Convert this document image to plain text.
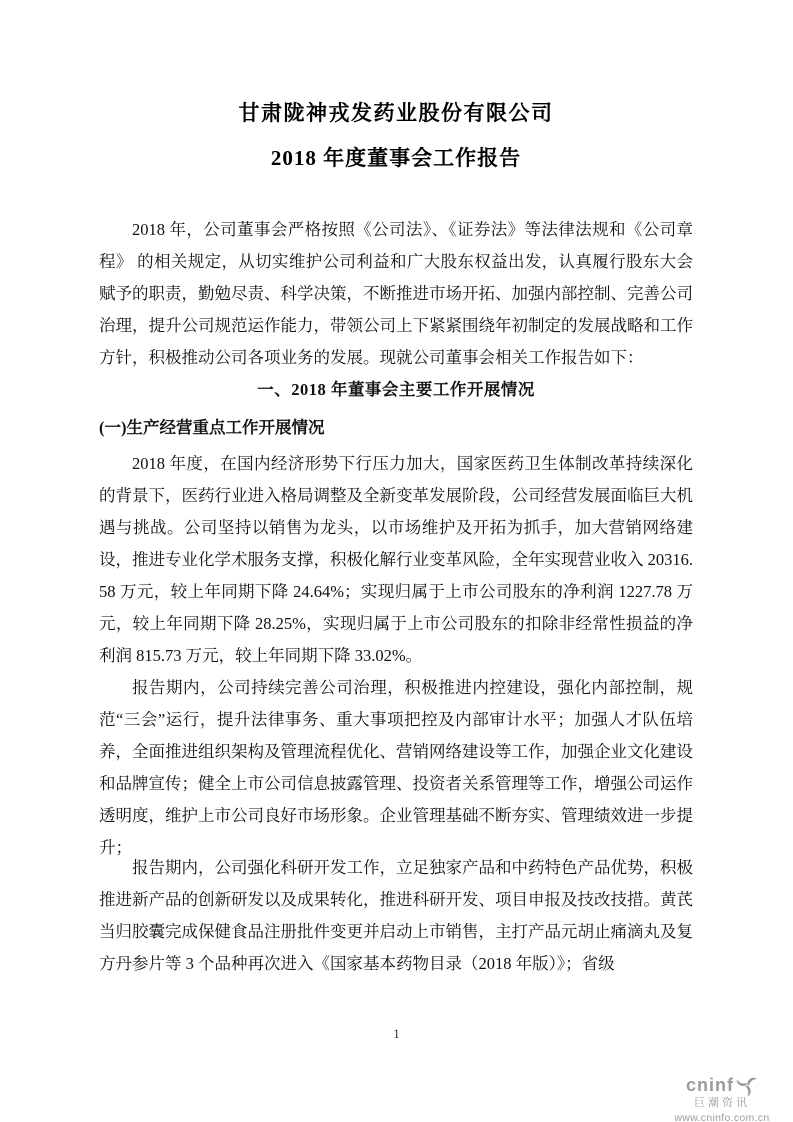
甘肃陇神戎发药业股份有限公司
2018 年度董事会工作报告

2018 年，公司董事会严格按照《公司法》、《证券法》等法律法规和《公司章程》 的相关规定，从切实维护公司利益和广大股东权益出发，认真履行股东大会赋予的职责，勤勉尽责、科学决策，不断推进市场开拓、加强内部控制、完善公司治理，提升公司规范运作能力，带领公司上下紧紧围绕年初制定的发展战略和工作方针，积极推动公司各项业务的发展。现就公司董事会相关工作报告如下：

一、2018 年董事会主要工作开展情况
(一)生产经营重点工作开展情况

2018 年度，在国内经济形势下行压力加大，国家医药卫生体制改革持续深化的背景下，医药行业进入格局调整及全新变革发展阶段，公司经营发展面临巨大机遇与挑战。公司坚持以销售为龙头，以市场维护及开拓为抓手，加大营销网络建设，推进专业化学术服务支撑，积极化解行业变革风险，全年实现营业收入 20316.58 万元，较上年同期下降 24.64%；实现归属于上市公司股东的净利润 1227.78 万元，较上年同期下降 28.25%，实现归属于上市公司股东的扣除非经常性损益的净利润 815.73 万元，较上年同期下降 33.02%。

报告期内，公司持续完善公司治理，积极推进内控建设，强化内部控制，规范“三会”运行，提升法律事务、重大事项把控及内部审计水平；加强人才队伍培养，全面推进组织架构及管理流程优化、营销网络建设等工作，加强企业文化建设和品牌宣传；健全上市公司信息披露管理、投资者关系管理等工作，增强公司运作透明度，维护上市公司良好市场形象。企业管理基础不断夯实、管理绩效进一步提升；

报告期内，公司强化科研开发工作，立足独家产品和中药特色产品优势，积极推进新产品的创新研发以及成果转化，推进科研开发、项目申报及技改技措。黄芪当归胶囊完成保健食品注册批件变更并启动上市销售，主打产品元胡止痛滴丸及复方丹参片等 3 个品种再次进入《国家基本药物目录（2018 年版）》；省级

1
cninf
巨潮资讯
www.cninfo.com.cn
